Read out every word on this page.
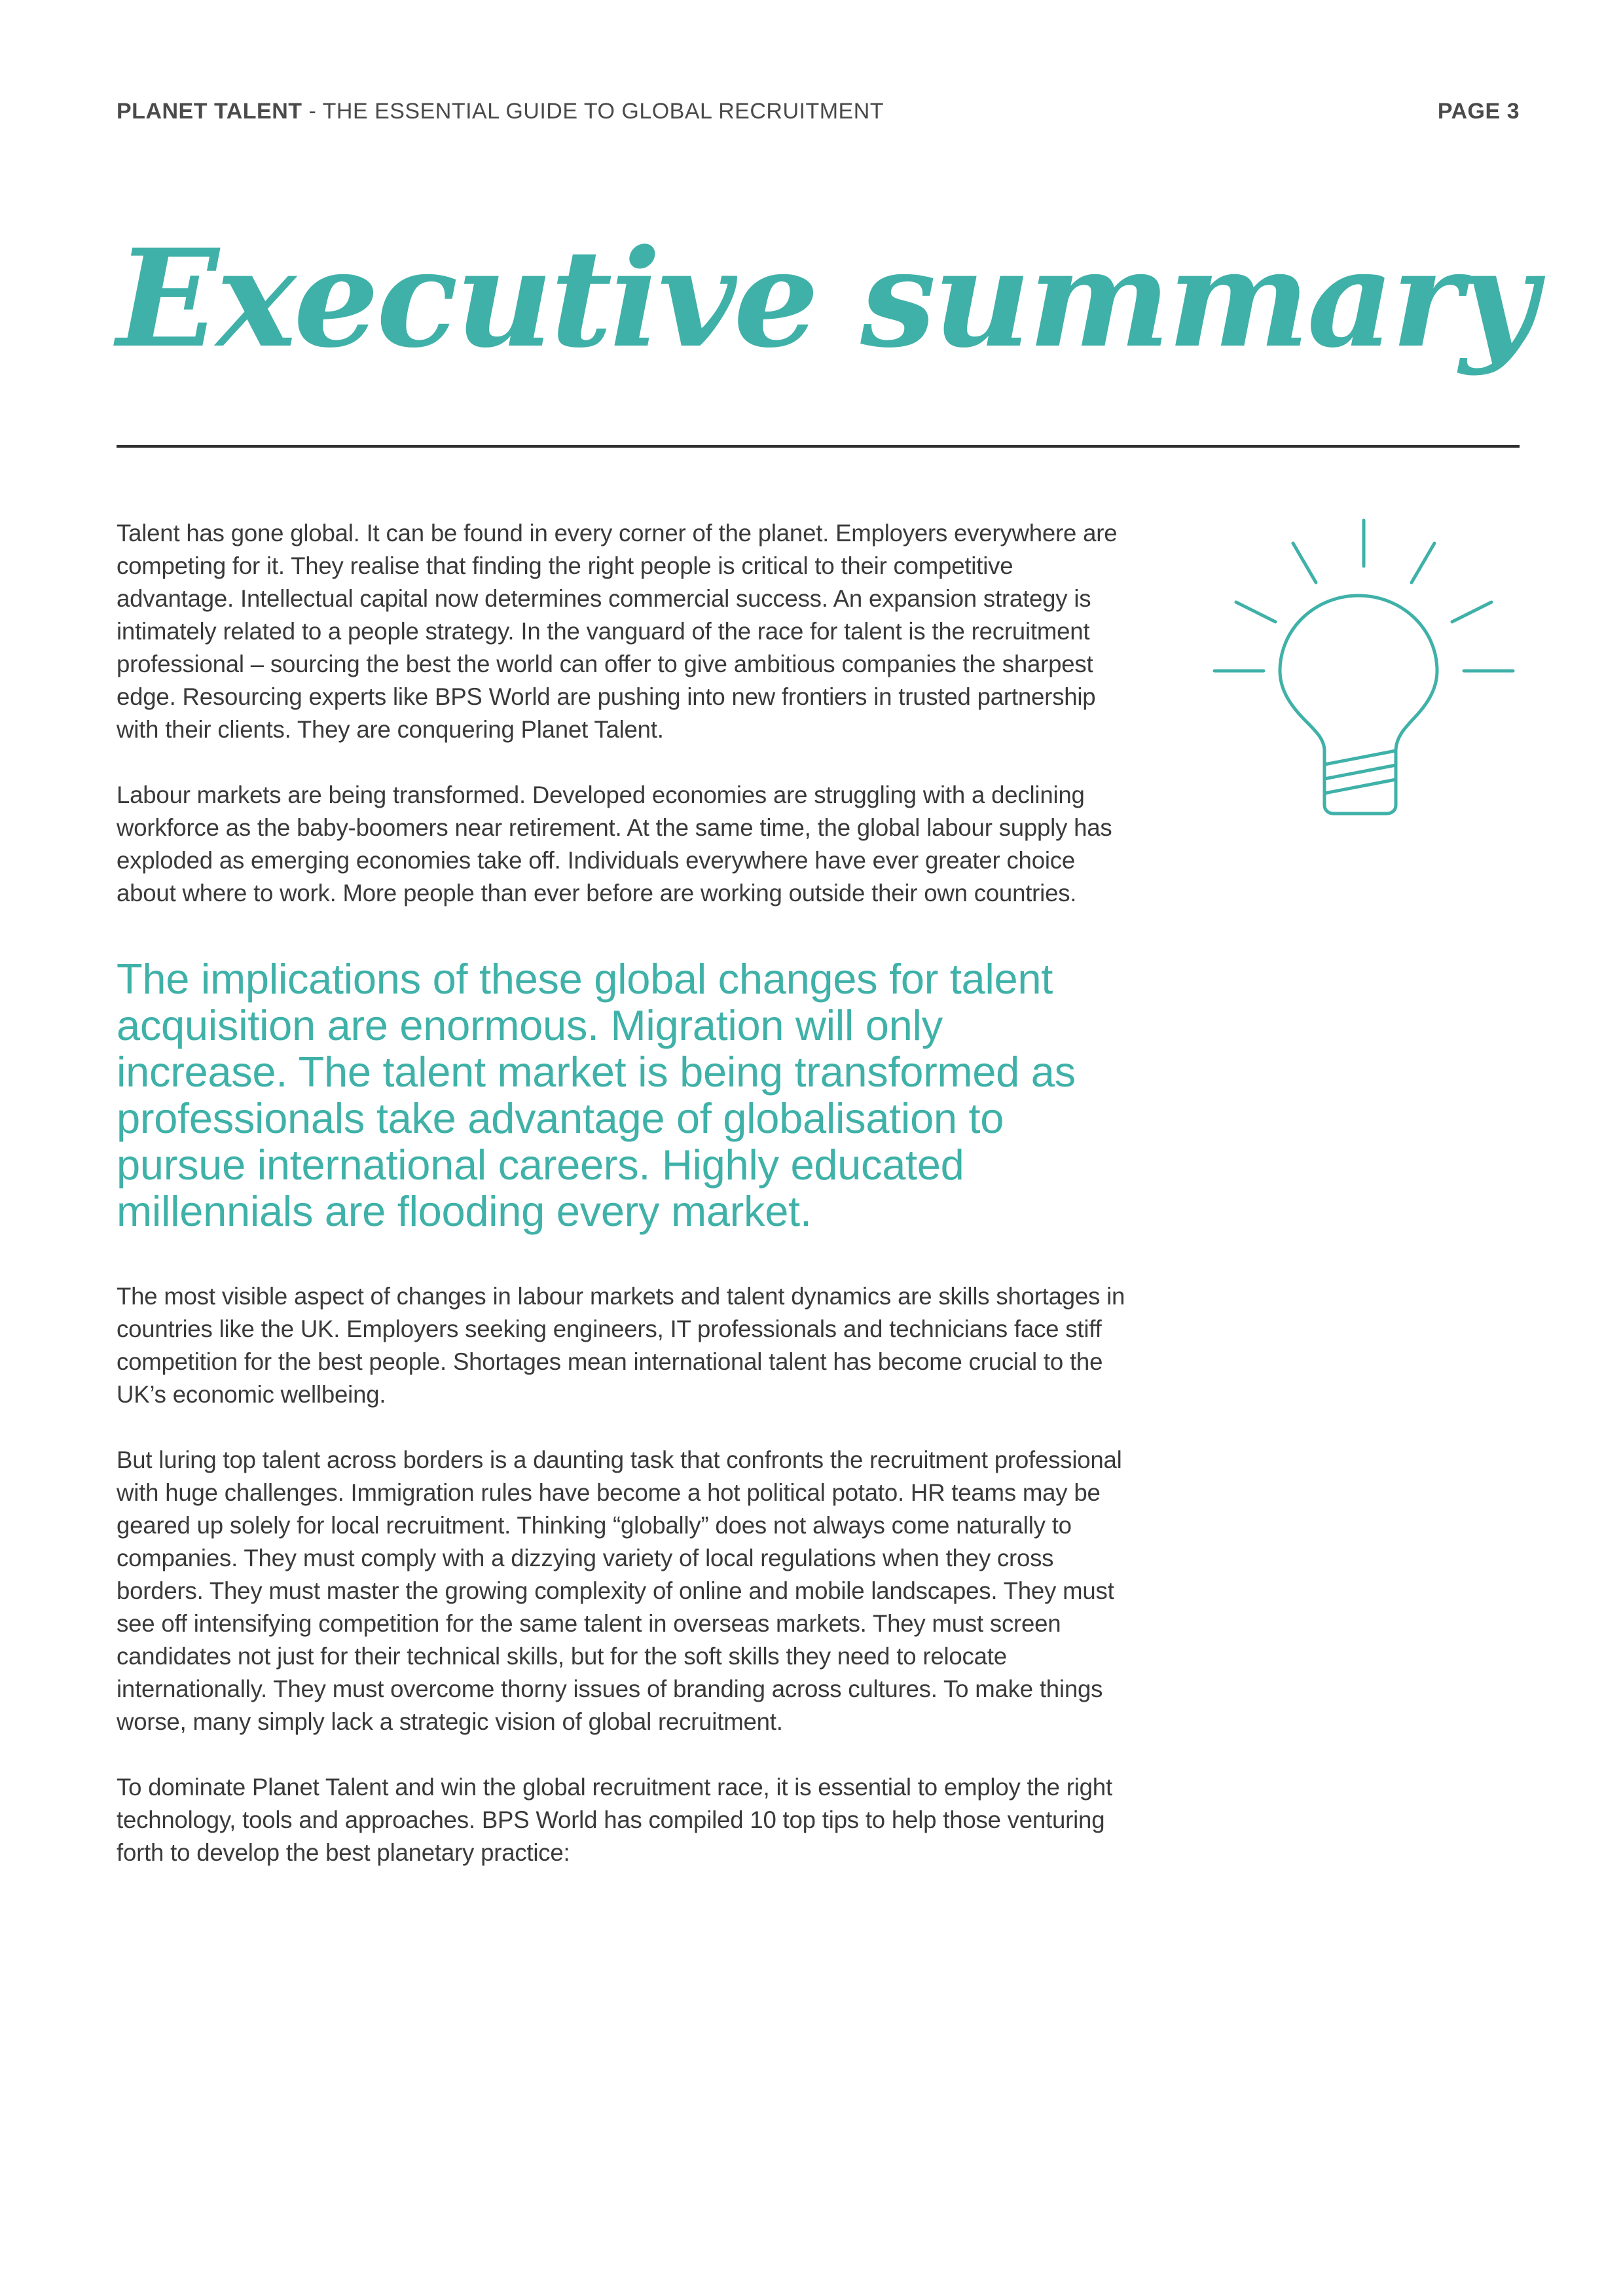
PLANET TALENT - THE ESSENTIAL GUIDE TO GLOBAL RECRUITMENT	PAGE 3
Executive summary

Talent has gone global. It can be found in every corner of the planet. Employers everywhere are competing for it. They realise that finding the right people is critical to their competitive advantage. Intellectual capital now determines commercial success. An expansion strategy is intimately related to a people strategy. In the vanguard of the race for talent is the recruitment professional – sourcing the best the world can offer to give ambitious companies the sharpest edge. Resourcing experts like BPS World are pushing into new frontiers in trusted partnership with their clients. They are conquering Planet Talent.

Labour markets are being transformed. Developed economies are struggling with a declining workforce as the baby-boomers near retirement. At the same time, the global labour supply has exploded as emerging economies take off. Individuals everywhere have ever greater choice about where to work. More people than ever before are working outside their own countries.

The implications of these global changes for talent acquisition are enormous. Migration will only increase. The talent market is being transformed as professionals take advantage of globalisation to pursue international careers. Highly educated millennials are flooding every market.

The most visible aspect of changes in labour markets and talent dynamics are skills shortages in countries like the UK. Employers seeking engineers, IT professionals and technicians face stiff competition for the best people. Shortages mean international talent has become crucial to the UK’s economic wellbeing.

But luring top talent across borders is a daunting task that confronts the recruitment professional with huge challenges. Immigration rules have become a hot political potato. HR teams may be geared up solely for local recruitment. Thinking “globally” does not always come naturally to companies. They must comply with a dizzying variety of local regulations when they cross borders. They must master the growing complexity of online and mobile landscapes. They must see off intensifying competition for the same talent in overseas markets. They must screen candidates not just for their technical skills, but for the soft skills they need to relocate internationally. They must overcome thorny issues of branding across cultures. To make things worse, many simply lack a strategic vision of global recruitment.

To dominate Planet Talent and win the global recruitment race, it is essential to employ the right technology, tools and approaches. BPS World has compiled 10 top tips to help those venturing forth to develop the best planetary practice:
